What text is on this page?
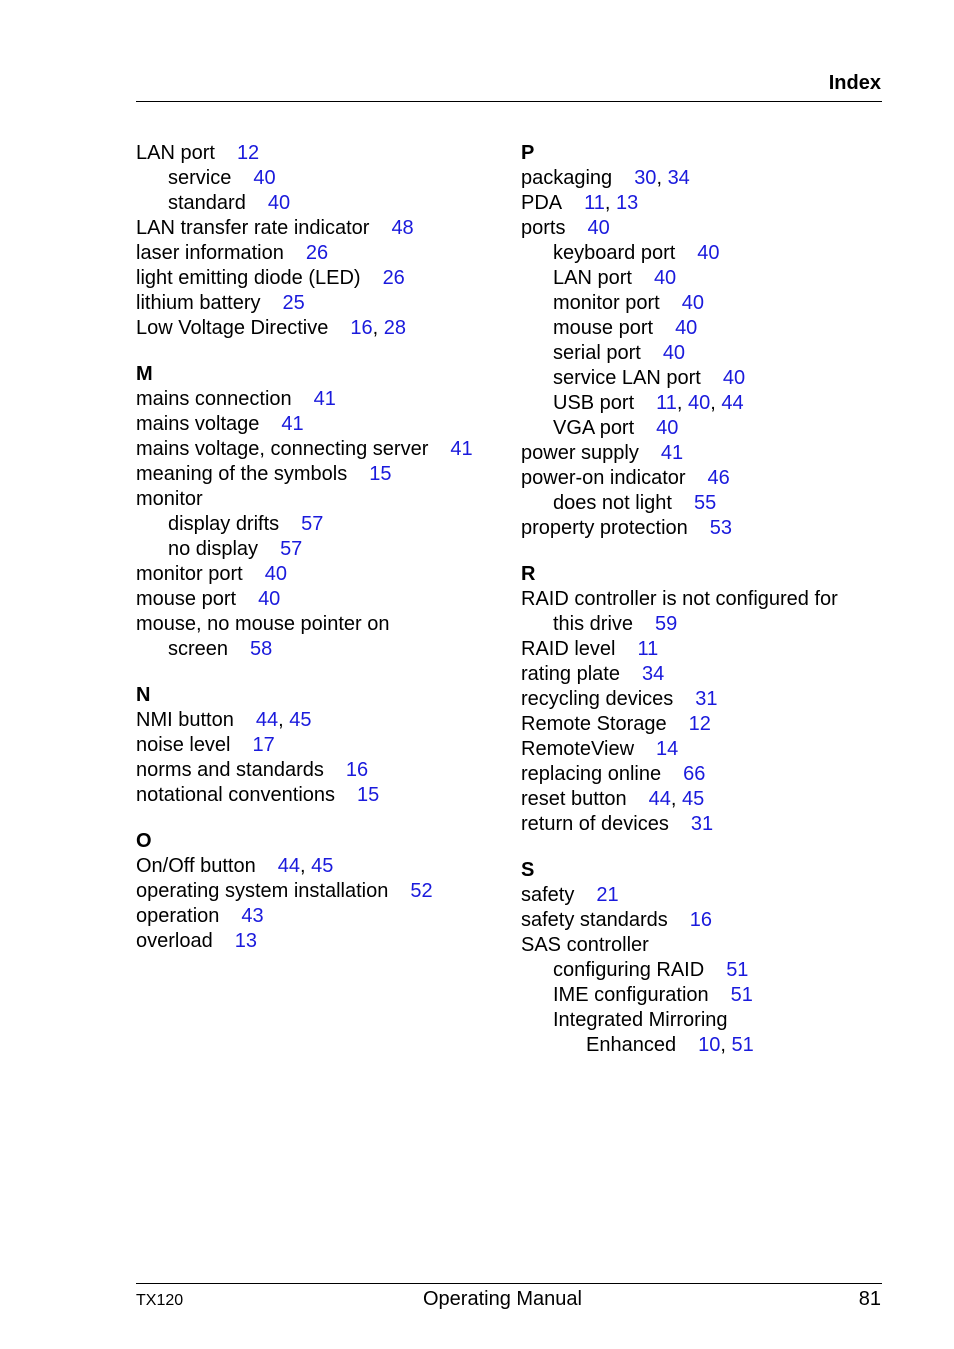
Index
LAN port 12
service 40
standard 40
LAN transfer rate indicator 48
laser information 26
light emitting diode (LED) 26
lithium battery 25
Low Voltage Directive 16, 28
M
mains connection 41
mains voltage 41
mains voltage, connecting server 41
meaning of the symbols 15
monitor
display drifts 57
no display 57
monitor port 40
mouse port 40
mouse, no mouse pointer on
screen 58
N
NMI button 44, 45
noise level 17
norms and standards 16
notational conventions 15
O
On/Off button 44, 45
operating system installation 52
operation 43
overload 13
P
packaging 30, 34
PDA 11, 13
ports 40
keyboard port 40
LAN port 40
monitor port 40
mouse port 40
serial port 40
service LAN port 40
USB port 11, 40, 44
VGA port 40
power supply 41
power-on indicator 46
does not light 55
property protection 53
R
RAID controller is not configured for
this drive 59
RAID level 11
rating plate 34
recycling devices 31
Remote Storage 12
RemoteView 14
replacing online 66
reset button 44, 45
return of devices 31
S
safety 21
safety standards 16
SAS controller
configuring RAID 51
IME configuration 51
Integrated Mirroring
Enhanced 10, 51
TX120	Operating Manual	81
